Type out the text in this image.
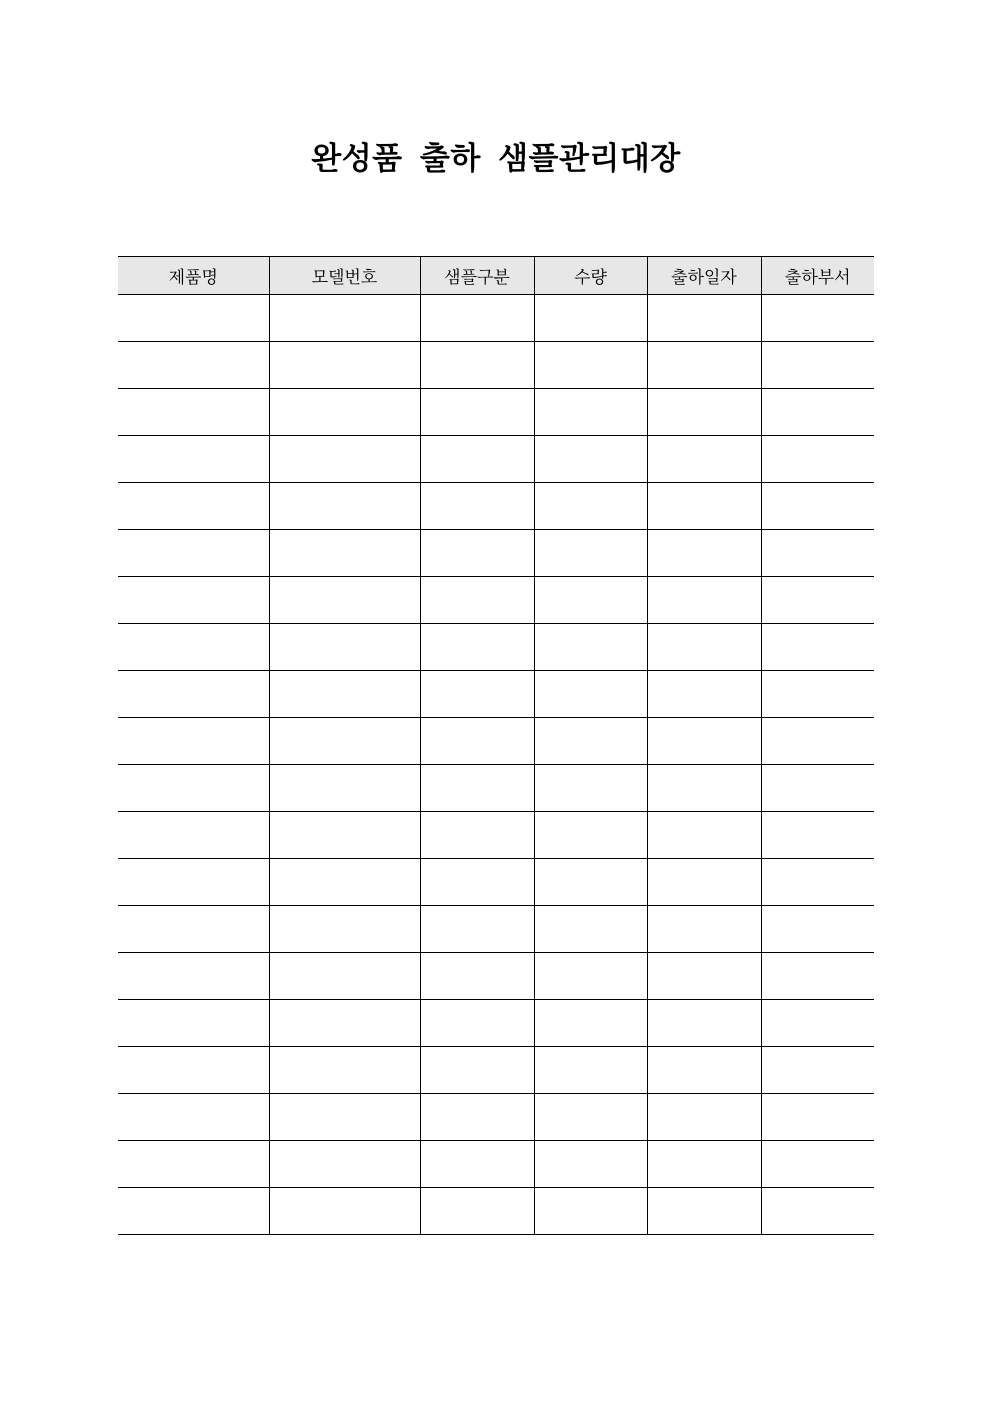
완성품 출하 샘플관리대장
제품명	모델번호	샘플구분	수량	출하일자	출하부서
